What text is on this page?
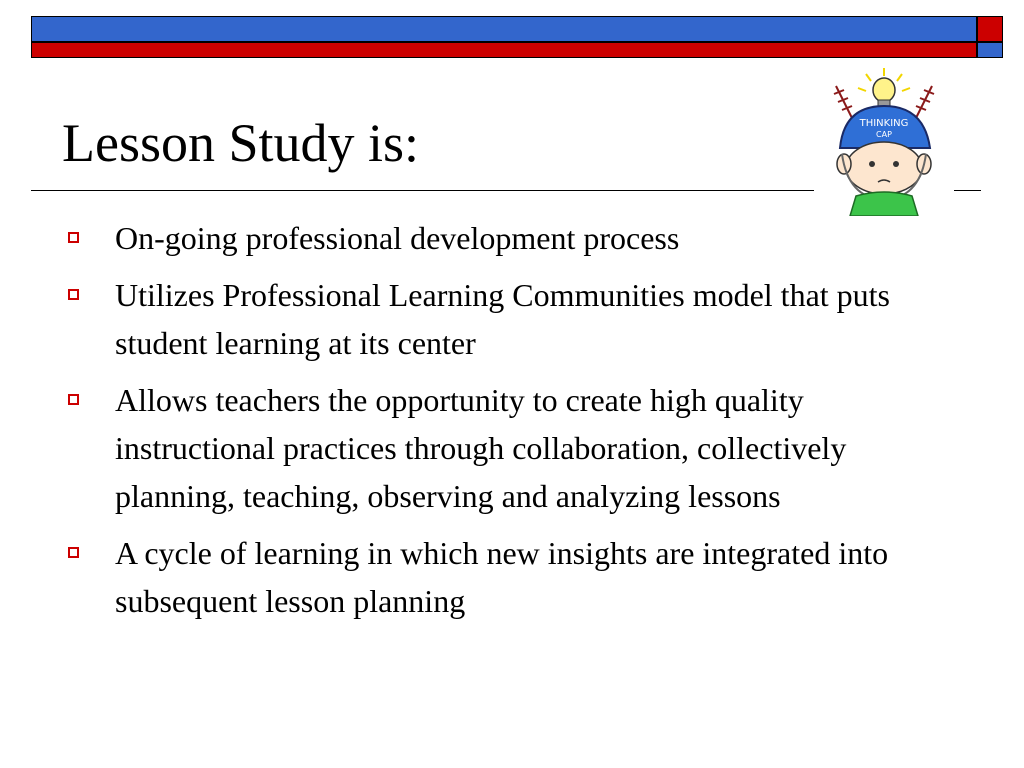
Lesson Study is:	THINKING
CAP
On-going professional development process
Utilizes Professional Learning Communities model that puts student learning at its center
Allows teachers the opportunity to create high quality instructional practices through collaboration, collectively planning, teaching, observing and analyzing lessons
A cycle of learning in which new insights are integrated into subsequent lesson planning
